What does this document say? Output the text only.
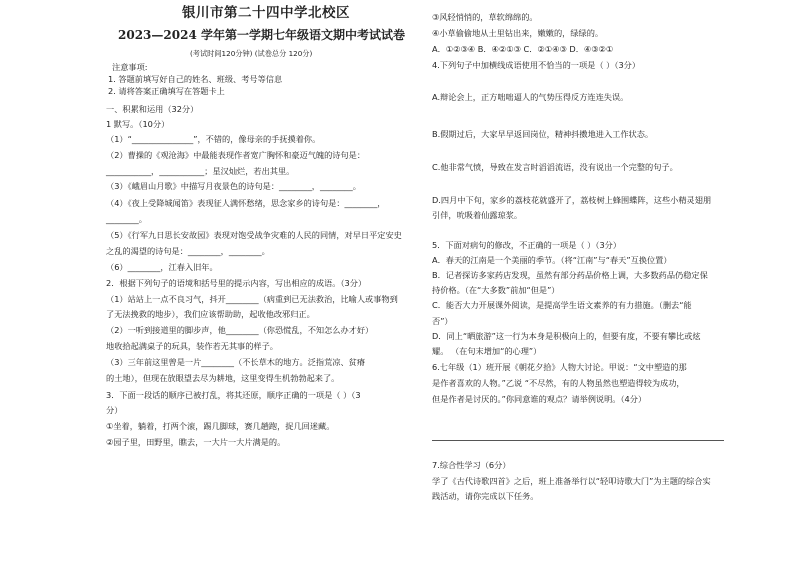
银川市第二十四中学北校区
2023—2024 学年第一学期七年级语文期中考试试卷
(考试时间120分钟) (试卷总分 120分)
注意事项:
1. 答题前填写好自己的姓名、班级、考号等信息
2. 请将答案正确填写在答题卡上
一、积累和运用（32分）
1 默写。（10分）
（1）“_______________”，不错的，像母亲的手抚摸着你。
（2）曹操的《观沧海》中最能表现作者宽广胸怀和豪迈气魄的诗句是：
___________，___________；星汉灿烂，若出其里。
（3）《峨眉山月歌》中描写月夜景色的诗句是：________，________。
（4）《夜上受降城闻笛》表现征人满怀愁绪，思念家乡的诗句是：________，
________。
（5）《行军九日思长安故园》表现对饱受战争灾难的人民的同情，对早日平定安史
之乱的渴望的诗句是：________，________。
（6）________，江春入旧年。
2．根据下列句子的语境和括号里的提示内容，写出相应的成语。（3分）
（1）站站上一点不良习气，抖开________（病重到已无法救治，比喻人或事物到
了无法挽救的地步），我们应该帮助助，起收他改邪归正。
（2）一听到接道里的脚步声，他________（你恐慌乱，不知怎么办才好）
地收拾起满桌子的玩具，装作若无其事的样子。
（3）三年前这里曾是一片________（不长草木的地方。泛指荒凉、贫瘠
的土地），但现在放眼望去尽为耕地，这里变得生机勃勃起来了。
3．下面一段话的顺序已被打乱，将其还原，顺序正确的一项是（ ）（3
分）
①坐着，躺着，打两个滚，踢几脚球，赛几趟跑，捉几回迷藏。
②园子里，田野里，瞧去，一大片一大片满是的。
③风轻悄悄的，草软绵绵的。
④小草偷偷地从土里钻出来，嫩嫩的，绿绿的。
A．①②③④ B．④②①③ C．②①④③ D．④③②①
4.下列句子中加横线成语使用不恰当的一项是（ ）（3分）
A.辩论会上，正方咄咄逼人的气势压得反方连连失误。
B.假期过后，大家早早返回岗位，精神抖擞地进入工作状态。
C.他非常气愤，导致在发言时滔滔流语，没有说出一个完整的句子。
D.四月中下旬，家乡的荔枝花就盛开了，荔枝树上蜂围蝶阵，这些小精灵翅朋
引伴，吮吸着仙露琼浆。
5．下面对病句的修改，不正确的一项是（ ）（3分）
A．春天的江南是一个美丽的季节。（将“江南”与“春天”互换位置）
B．记者探访多家药店发现，虽然有部分药品价格上调，大多数药品仍稳定保
持价格。（在“大多数”前加“但是”）
C．能否大力开展课外阅读，是提高学生语文素养的有力措施。（删去“能
否”）
D．同上“晒旅游”这一行为本身是积极向上的，但要有度，不要有攀比或炫
耀。 （在句末增加“的心理”）
6.七年级（1）班开展《朝花夕拾》人物大讨论。甲说：“文中塑造的那
是作者喜欢的人物。”乙说 “不尽然，有的人物虽然也塑造得较为成功，
但是作者是讨厌的。”你同意谁的观点？请举例说明。（4分）
7.综合性学习（6分）
学了《古代诗歌四首》之后，班上准备举行以“轻叩诗歌大门”为主题的综合实
践活动，请你完成以下任务。
